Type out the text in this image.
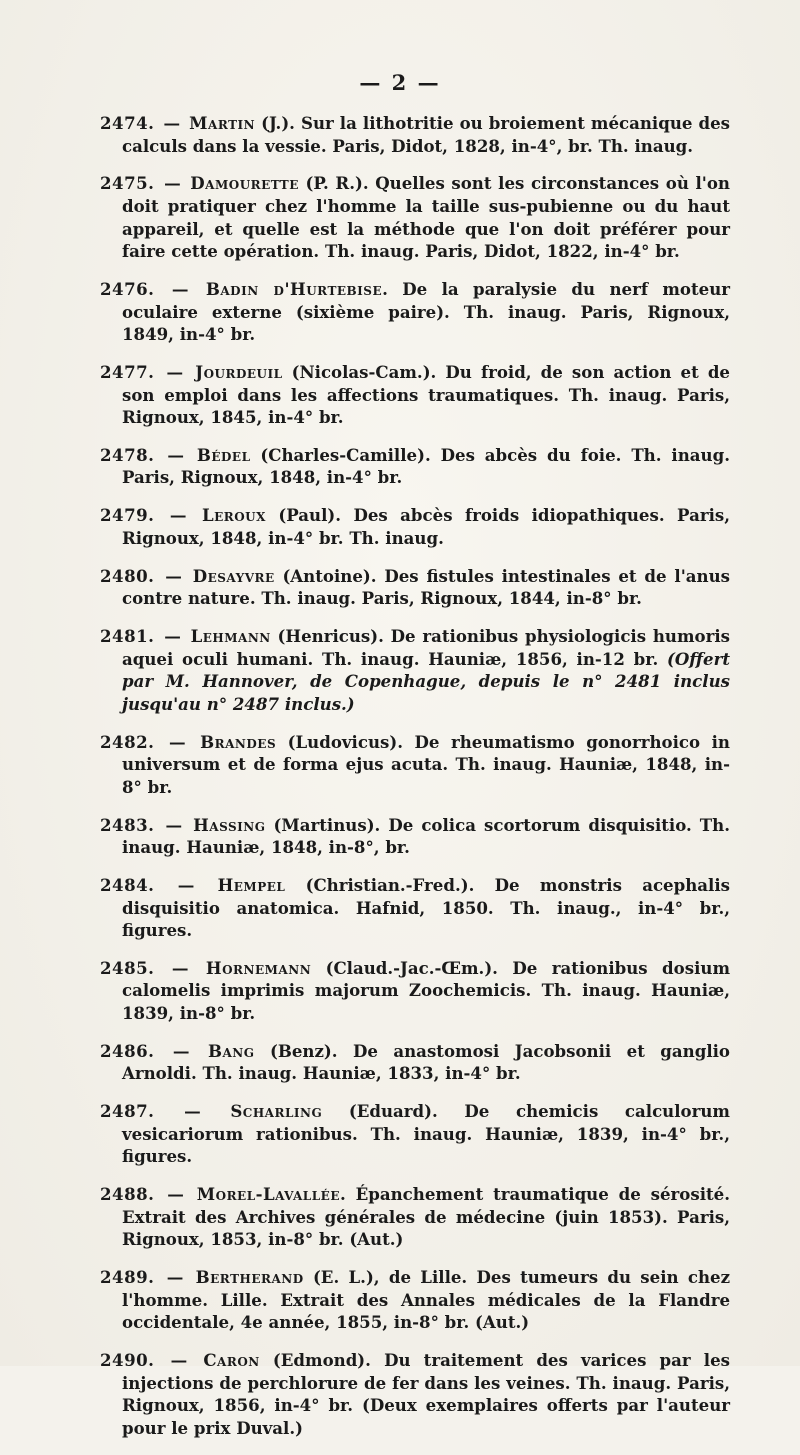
— 2 —

2474. — Martin (J.). Sur la lithotritie ou broiement mécanique des calculs dans la vessie. Paris, Didot, 1828, in-4°, br. Th. inaug.

2475. — Damourette (P. R.). Quelles sont les circonstances où l'on doit pratiquer chez l'homme la taille sus-pubienne ou du haut appareil, et quelle est la méthode que l'on doit préférer pour faire cette opération. Th. inaug. Paris, Didot, 1822, in-4° br.

2476. — Badin d'Hurtebise. De la paralysie du nerf moteur oculaire externe (sixième paire). Th. inaug. Paris, Rignoux, 1849, in-4° br.

2477. — Jourdeuil (Nicolas-Cam.). Du froid, de son action et de son emploi dans les affections traumatiques. Th. inaug. Paris, Rignoux, 1845, in-4° br.

2478. — Bédel (Charles-Camille). Des abcès du foie. Th. inaug. Paris, Rignoux, 1848, in-4° br.

2479. — Leroux (Paul). Des abcès froids idiopathiques. Paris, Rignoux, 1848, in-4° br. Th. inaug.

2480. — Desayvre (Antoine). Des fistules intestinales et de l'anus contre nature. Th. inaug. Paris, Rignoux, 1844, in-8° br.

2481. — Lehmann (Henricus). De rationibus physiologicis humoris aquei oculi humani. Th. inaug. Hauniæ, 1856, in-12 br. (Offert par M. Hannover, de Copenhague, depuis le n° 2481 inclus jusqu'au n° 2487 inclus.)

2482. — Brandes (Ludovicus). De rheumatismo gonorrhoico in universum et de forma ejus acuta. Th. inaug. Hauniæ, 1848, in-8° br.

2483. — Hassing (Martinus). De colica scortorum disquisitio. Th. inaug. Hauniæ, 1848, in-8°, br.

2484. — Hempel (Christian.-Fred.). De monstris acephalis disquisitio anatomica. Hafnid, 1850. Th. inaug., in-4° br., figures.

2485. — Hornemann (Claud.-Jac.-Œm.). De rationibus dosium calomelis imprimis majorum Zoochemicis. Th. inaug. Hauniæ, 1839, in-8° br.

2486. — Bang (Benz). De anastomosi Jacobsonii et ganglio Arnoldi. Th. inaug. Hauniæ, 1833, in-4° br.

2487. — Scharling (Eduard). De chemicis calculorum vesicariorum rationibus. Th. inaug. Hauniæ, 1839, in-4° br., figures.

2488. — Morel-Lavallée. Épanchement traumatique de sérosité. Extrait des Archives générales de médecine (juin 1853). Paris, Rignoux, 1853, in-8° br. (Aut.)

2489. — Bertherand (E. L.), de Lille. Des tumeurs du sein chez l'homme. Lille. Extrait des Annales médicales de la Flandre occidentale, 4e année, 1855, in-8° br. (Aut.)

2490. — Caron (Edmond). Du traitement des varices par les injections de perchlorure de fer dans les veines. Th. inaug. Paris, Rignoux, 1856, in-4° br. (Deux exemplaires offerts par l'auteur pour le prix Duval.)
